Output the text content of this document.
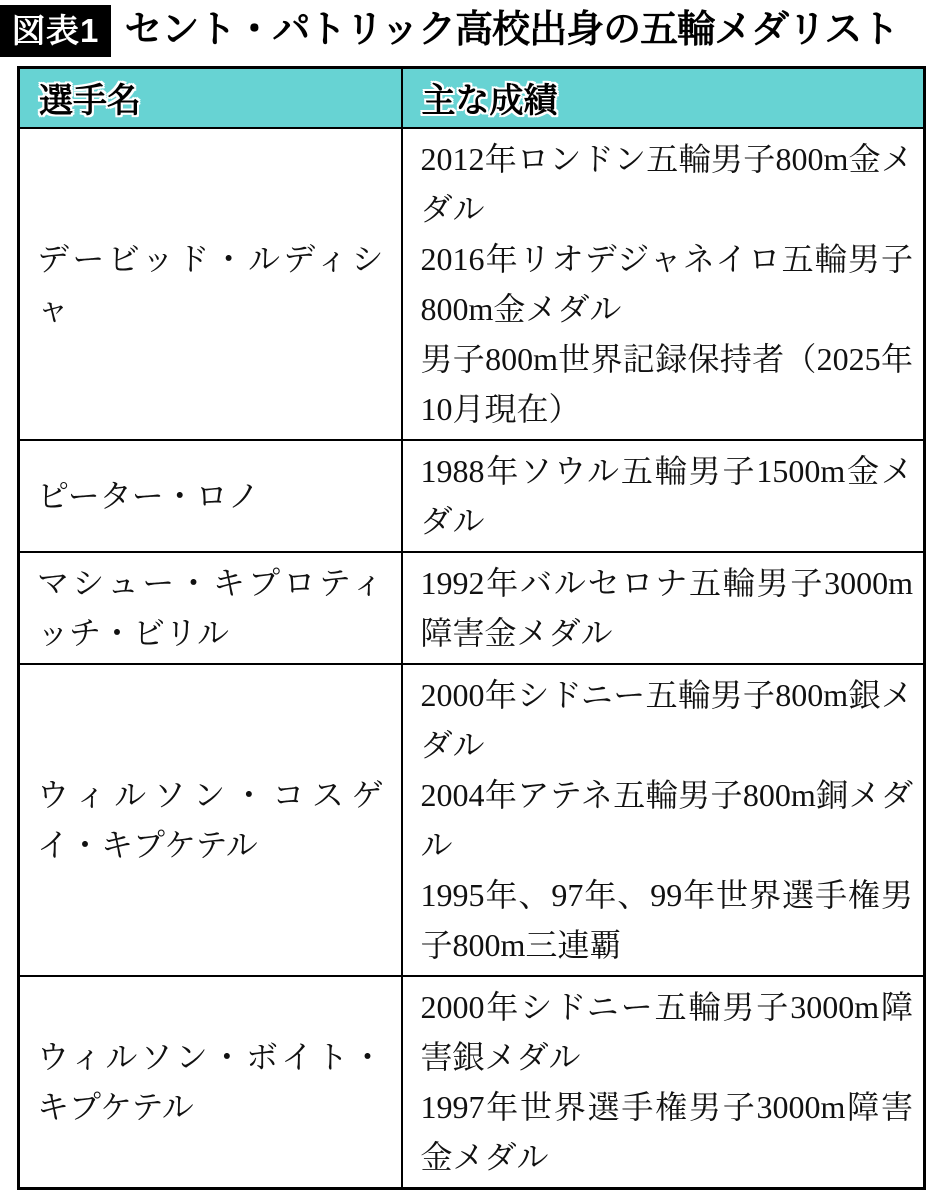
図表1 セント・パトリック高校出身の五輪メダリスト
選手名	主な成績
デービッド・ルディシャ	2012年ロンドン五輪男子800m金メダル
2016年リオデジャネイロ五輪男子800m金メダル
男子800m世界記録保持者（2025年10月現在）

ピーター・ロノ	1988年ソウル五輪男子1500m金メダル

マシュー・キプロティッチ・ビリル	1992年バルセロナ五輪男子3000m障害金メダル

ウィルソン・コスゲイ・キプケテル	2000年シドニー五輪男子800m銀メダル
2004年アテネ五輪男子800m銅メダル
1995年、97年、99年世界選手権男子800m三連覇

ウィルソン・ボイト・キプケテル	2000年シドニー五輪男子3000m障害銀メダル
1997年世界選手権男子3000m障害金メダル
